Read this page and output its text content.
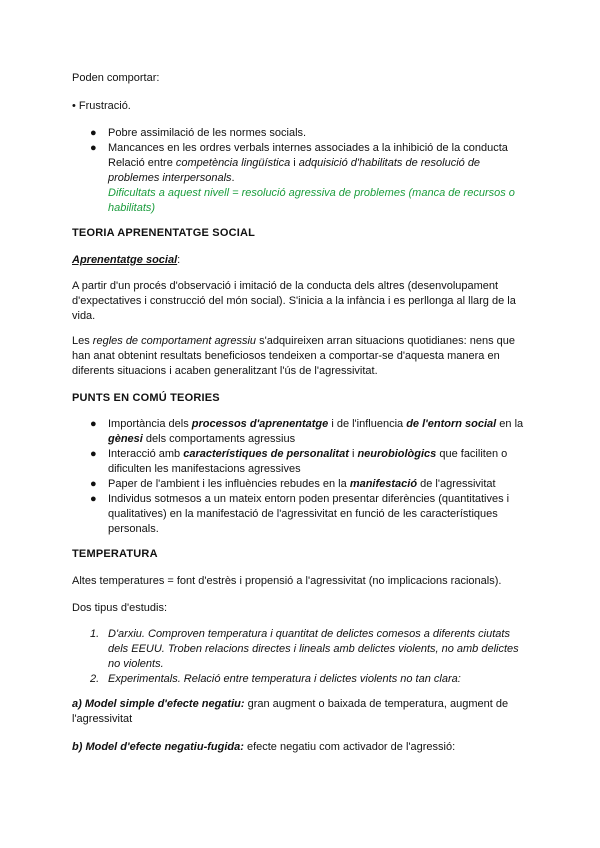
Poden comportar:
• Frustració.
● Pobre assimilació de les normes socials.
● Mancances en les ordres verbals internes associades a la inhibició de la conducta
Relació entre competència lingüística i adquisició d'habilitats de resolució de problemes interpersonals.
Dificultats a aquest nivell = resolució agressiva de problemes (manca de recursos o habilitats)
TEORIA APRENENTATGE SOCIAL
Aprenentatge social:
A partir d'un procés d'observació i imitació de la conducta dels altres (desenvolupament d'expectatives i construcció del món social). S'inicia a la infància i es perllonga al llarg de la vida.
Les regles de comportament agressiu s'adquireixen arran situacions quotidianes: nens que han anat obtenint resultats beneficiosos tendeixen a comportar-se d'aquesta manera en diferents situacions i acaben generalitzant l'ús de l'agressivitat.
PUNTS EN COMÚ TEORIES
● Importància dels processos d'aprenentatge i de l'influencia de l'entorn social en la gènesi dels comportaments agressius
● Interacció amb característiques de personalitat i neurobiològics que faciliten o dificulten les manifestacions agressives
● Paper de l'ambient i les influències rebudes en la manifestació de l'agressivitat
● Individus sotmesos a un mateix entorn poden presentar diferències (quantitatives i qualitatives) en la manifestació de l'agressivitat en funció de les característiques personals.
TEMPERATURA
Altes temperatures = font d'estrès i propensió a l'agressivitat (no implicacions racionals).
Dos tipus d'estudis:
1. D'arxiu. Comproven temperatura i quantitat de delictes comesos a diferents ciutats dels EEUU. Troben relacions directes i lineals amb delictes violents, no amb delictes no violents.
2. Experimentals. Relació entre temperatura i delictes violents no tan clara:
a) Model simple d'efecte negatiu: gran augment o baixada de temperatura, augment de l'agressivitat
b) Model d'efecte negatiu-fugida: efecte negatiu com activador de l'agressió:
